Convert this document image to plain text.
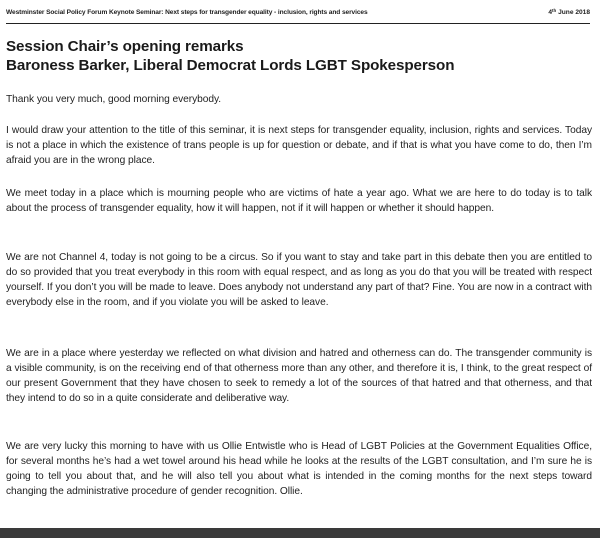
Westminster Social Policy Forum Keynote Seminar: Next steps for transgender equality - inclusion, rights and services	4th June 2018
Session Chair’s opening remarks
Baroness Barker, Liberal Democrat Lords LGBT Spokesperson

Thank you very much, good morning everybody.

I would draw your attention to the title of this seminar, it is next steps for transgender equality, inclusion, rights and services. Today is not a place in which the existence of trans people is up for question or debate, and if that is what you have come to do, then I’m afraid you are in the wrong place.

We meet today in a place which is mourning people who are victims of hate a year ago. What we are here to do today is to talk about the process of transgender equality, how it will happen, not if it will happen or whether it should happen.

We are not Channel 4, today is not going to be a circus. So if you want to stay and take part in this debate then you are entitled to do so provided that you treat everybody in this room with equal respect, and as long as you do that you will be treated with respect yourself. If you don’t you will be made to leave. Does anybody not understand any part of that? Fine. You are now in a contract with everybody else in the room, and if you violate you will be asked to leave.

We are in a place where yesterday we reflected on what division and hatred and otherness can do. The transgender community is a visible community, is on the receiving end of that otherness more than any other, and therefore it is, I think, to the great respect of our present Government that they have chosen to seek to remedy a lot of the sources of that hatred and that otherness, and that they intend to do so in a quite considerate and deliberative way.

We are very lucky this morning to have with us Ollie Entwistle who is Head of LGBT Policies at the Government Equalities Office, for several months he’s had a wet towel around his head while he looks at the results of the LGBT consultation, and I’m sure he is going to tell you about that, and he will also tell you about what is intended in the coming months for the next steps toward changing the administrative procedure of gender recognition. Ollie.
